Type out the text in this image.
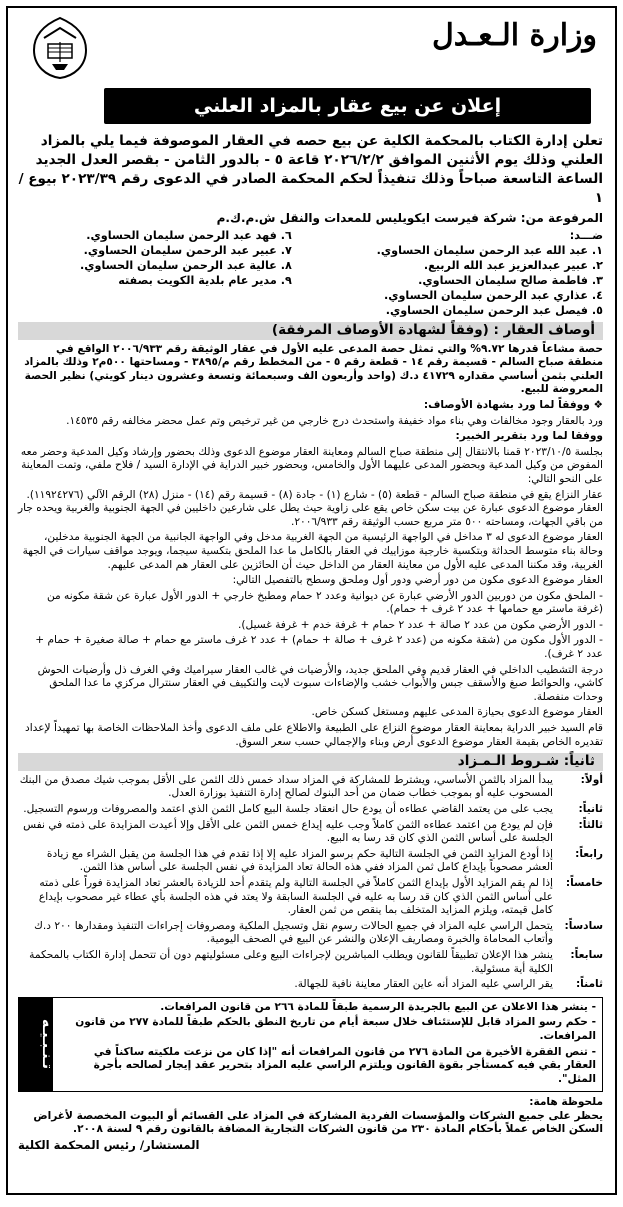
وزارة الـعـدل
إعلان عن بيع عقار بالمزاد العلني

تعلن إدارة الكتاب بالمحكمة الكلية عن بيع حصه في العقار الموصوفة فيما يلي بالمزاد العلني وذلك يوم الأثنين الموافق ٢٠٢٦/٢/٢ قاعة ٥ - بالدور الثامن - بقصر العدل الجديد الساعة التاسعة صباحاً وذلك تنفيذاً لحكم المحكمة الصادر في الدعوى رقم ٢٠٢٣/٣٩ بيوع /١

المرفوعة من: شركة فيرست ايكويليس للمعدات والنقل ش.م.ك.م

ضـــد:
١. عبد الله عبد الرحمن سليمان الحساوي.
٢. عبير عبدالعزيز عبد الله الربيع.
٣. فاطمة صالح سليمان الحساوي.
٤. عذاري عبد الرحمن سليمان الحساوي.
٥. فيصل عبد الرحمن سليمان الحساوي.
٦. فهد عبد الرحمن سليمان الحساوي.
٧. عبير عبد الرحمن سليمان الحساوي.
٨. عالية عبد الرحمن سليمان الحساوي.
٩. مدير عام بلدية الكويت بصفته
أوصاف العقار : (وفقاً لشهادة الأوصاف المرفقة)

حصة مشاعاً قدرها ٩.٧٢% والتي تمثل حصة المدعى عليه الأول في عقار الوثيقة رقم ٢٠٠٦/٩٣٣ الواقع في منطقة صباح السالم - قسيمة رقم ١٤ - قطعة رقم ٥ - من المخطط رقم م/٣٨٩٥ - ومساحتها ٥٠٠م٢ وذلك بالمزاد العلني بثمن أساسي مقداره ٤١٧٢٩ د.ك (واحد وأربعون الف وسبعمائة وتسعة وعشرون دينار كويتي) نظير الحصة المعروضة للبيع.

❖ ووفقاً لما ورد بشهادة الأوصاف:

ورد بالعقار وجود مخالفات وهي بناء مواد خفيفة واستحدث درج خارجي من غير ترخيص وتم عمل محضر مخالفه رقم ١٤٥٣٥.

ووفقا لما ورد بتقرير الخبير:

بجلسة ٢٠٢٣/١٠/٥ قمنا بالانتقال إلى منطقة صباح السالم ومعاينة العقار موضوع الدعوى وذلك بحضور وإرشاد وكيل المدعية وحضر معه المفوض من وكيل المدعية وبحضور المدعى عليهما الأول والخامس، وبحضور خبير الدراية في الإدارة السيد / فلاح ملفي، وتمت المعاينة على النحو التالي:

عقار النزاع يقع في منطقة صباح السالم - قطعة (٥) - شارع (١) - جادة (٨) - قسيمة رقم (١٤) - منزل (٢٨) الرقم الآلي (١١٩٢٤٢٧٦). العقار موضوع الدعوى عبارة عن بيت سكن خاص يقع على زاوية حيث يطل على شارعين داخليين في الجهة الجنوبية والغربية ويحده جار من باقي الجهات، ومساحته ٥٠٠ متر مربع حسب الوثيقة رقم ٢٠٠٦/٩٣٣.

العقار موضوع الدعوى له ٣ مداخل في الواجهة الرئيسية من الجهة الغربية مدخل وفي الواجهة الجانبية من الجهة الجنوبية مدخلين، وحالة بناء متوسط الحداثة وبتكسية خارجية موزاييك في العقار بالكامل ما عدا الملحق بتكسية سيجما، ويوجد مواقف سيارات في الجهة الغربية، وقد مكننا المدعى عليه الأول من معاينة العقار من الداخل حيث أن الحائزين على العقار هم المدعى عليهم.

العقار موضوع الدعوى مكون من دور أرضي ودور أول وملحق وسطح بالتفصيل التالي:

- الملحق مكون من دوربين الدور الأرضي عبارة عن ديوانية وعدد ٢ حمام ومطبخ خارجي + الدور الأول عبارة عن شقة مكونه من (غرفة ماستر مع حمامها + عدد ٢ غرف + حمام).

- الدور الأرضي مكون من عدد ٢ صالة + عدد ٢ حمام + غرفة خدم + غرفة غسيل).

- الدور الأول مكون من (شقة مكونه من (عدد ٢ غرف + صالة + حمام) + عدد ٢ غرف ماستر مع حمام + صالة صغيرة + حمام + عدد ٢ غرف).

درجة التشطيب الداخلي في العقار قديم وفي الملحق جديد، والأرضيات في غالب العقار سيراميك وفي الغرف ذل وأرضيات الحوش كاشي، والحوائط صبغ والأسقف جبس والأبواب خشب والإضاءات سبوت لايت والتكييف في العقار سنترال مركزي ما عدا الملحق وحدات منفصلة.

العقار موضوع الدعوى بحيازة المدعى عليهم ومستغل كسكن خاص.

قام السيد خبير الدراية بمعاينة العقار موضوع النزاع على الطبيعة والاطلاع على ملف الدعوى وأخذ الملاحظات الخاصة بها تمهيداً لإعداد تقديره الخاص بقيمة العقار موضوع الدعوى أرض وبناء والإجمالي حسب سعر السوق.

ثانياً: شـروط الـمـزاد
أولاً:
يبدأ المزاد بالثمن الأساسي، ويشترط للمشاركة في المزاد سداد خمس ذلك الثمن على الأقل بموجب شيك مصدق من البنك المسحوب عليه أو بموجب خطاب ضمان من أحد البنوك لصالح إدارة التنفيذ بوزارة العدل.
ثانياً:
يجب على من يعتمد القاضي عطاءه أن يودع حال انعقاد جلسة البيع كامل الثمن الذي اعتمد والمصروفات ورسوم التسجيل.
ثالثاً:
فإن لم يودع من اعتمد عطاءه الثمن كاملاً وجب عليه إيداع خمس الثمن على الأقل وإلا أعيدت المزايدة على ذمته في نفس الجلسة على أساس الثمن الذي كان قد رسا به البيع.
رابعاً:
إذا أودع المزايد الثمن في الجلسة التالية حكم برسو المزاد عليه إلا إذا تقدم في هذا الجلسة من يقبل الشراء مع زيادة العشر مصحوباً بإيداع كامل ثمن المزاد ففي هذه الحالة تعاد المزايدة في نفس الجلسة على أساس هذا الثمن.
خامساً:
إذا لم يقم المزايد الأول بإيداع الثمن كاملاً في الجلسة التالية ولم يتقدم أحد للزيادة بالعشر تعاد المزايدة فوراً على ذمته على أساس الثمن الذي كان قد رسا به عليه في الجلسة السابقة ولا يعتد في هذه الجلسة بأي عطاء غير مصحوب بإيداع كامل قيمته، ويلزم المزايد المتخلف بما ينقص من ثمن العقار.
سادساً:
يتحمل الراسي عليه المزاد في جميع الحالات رسوم نقل وتسجيل الملكية ومصروفات إجراءات التنفيذ ومقدارها ٢٠٠ د.ك وأتعاب المحاماة والخبرة ومصاريف الإعلان والنشر عن البيع في الصحف اليومية.
سابعاً:
ينشر هذا الإعلان تطبيقاً للقانون ويطلب المباشرين لإجراءات البيع وعلى مسئوليتهم دون أن تتحمل إدارة الكتاب بالمحكمة الكلية أية مسئولية.
ثامناً:
يقر الراسي عليه المزاد أنه عاين العقار معاينة نافية للجهالة.
- ينشر هذا الاعلان عن البيع بالجريدة الرسمية طبقاً للمادة ٢٦٦ من قانون المرافعات.
- حكم رسو المزاد قابل للإستئناف خلال سبعة أيام من تاريخ النطق بالحكم طبقاً للمادة ٢٧٧ من قانون المرافعات.
- تنص الفقرة الأخيرة من المادة ٢٧٦ من قانون المرافعات أنه "إذا كان من نزعت ملكيته ساكناً في العقار بقي فيه كمستأجر بقوة القانون ويلتزم الراسي عليه المزاد بتحرير عقد إيجار لصالحه بأجرة المثل".
تـنـبـيـه
ملحوظة هامة:

يحظر على جميع الشركات والمؤسسات الفردية المشاركة في المزاد على القسائم أو البيوت المخصصة لأغراض السكن الخاص عملاً بأحكام المادة ٢٣٠ من قانون الشركات التجارية المضافة بالقانون رقم ٩ لسنة ٢٠٠٨.

المستشار/ رئيس المحكمة الكلية
